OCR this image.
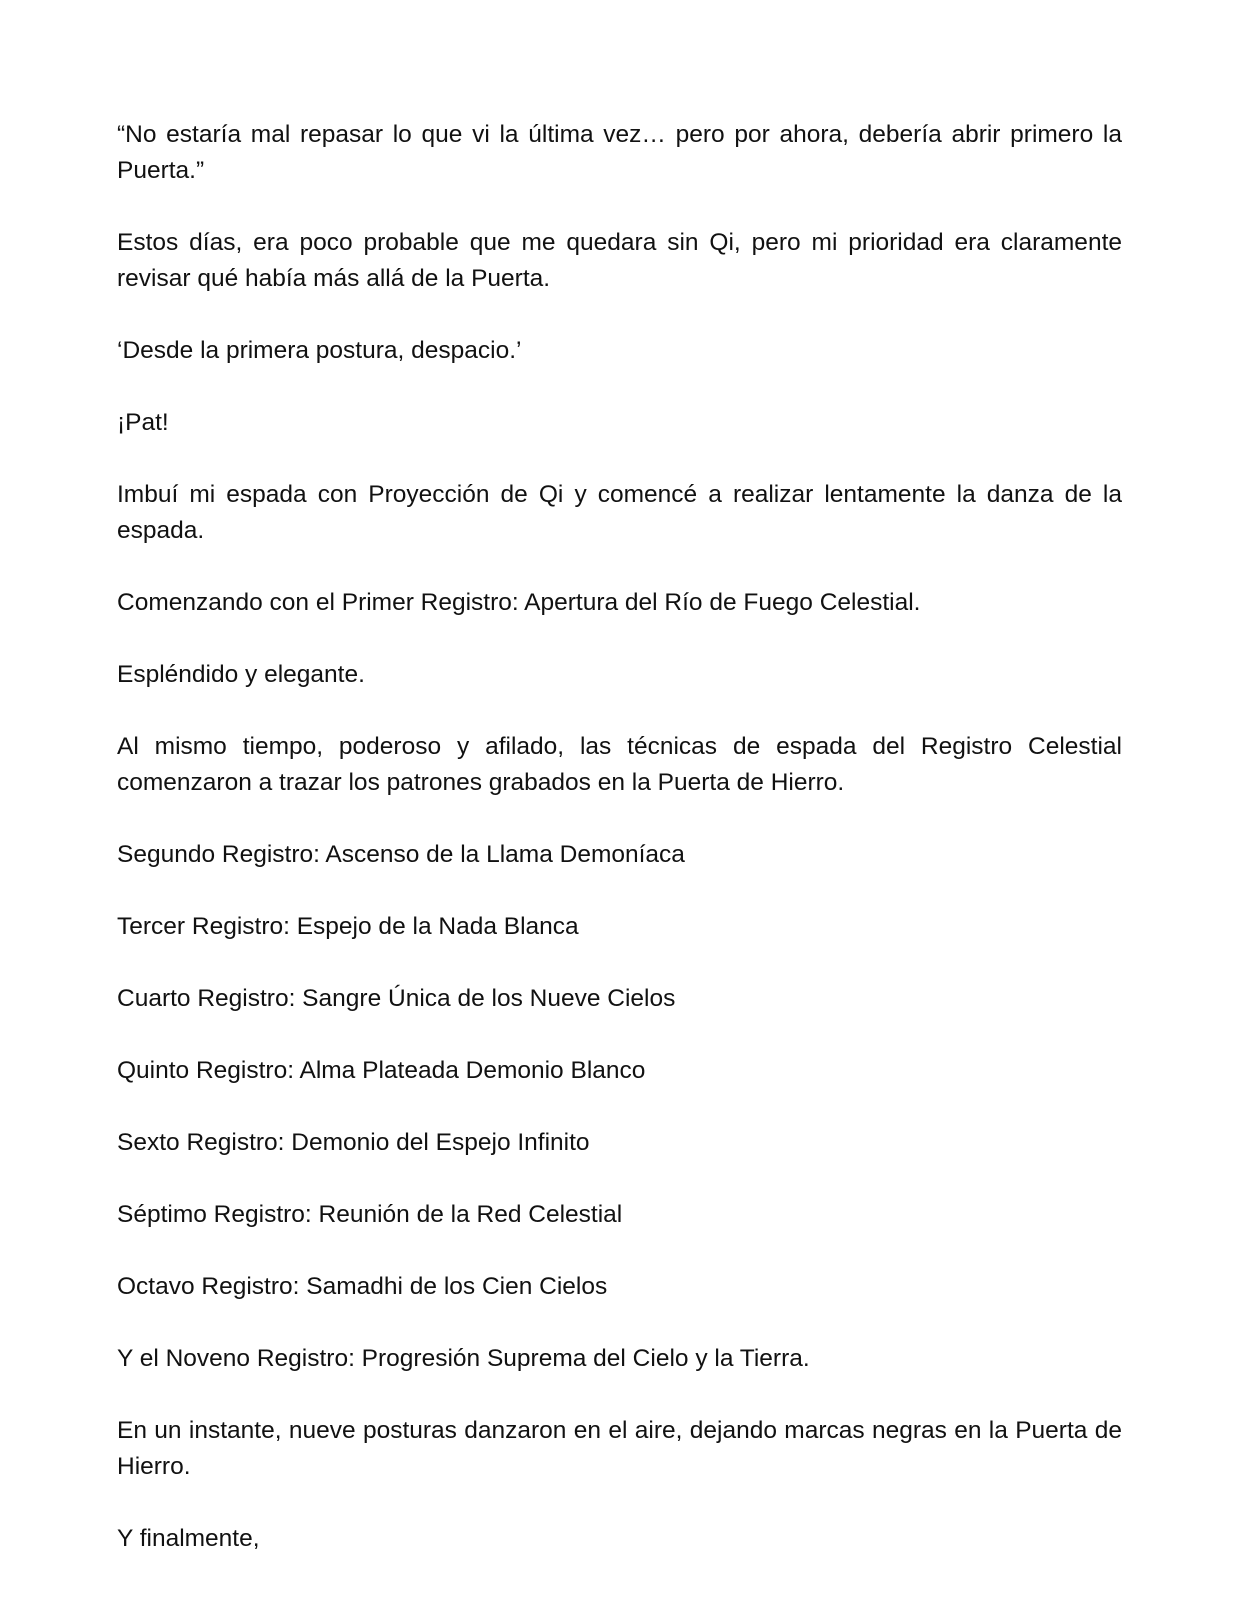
“No estaría mal repasar lo que vi la última vez… pero por ahora, debería abrir primero la Puerta.”

Estos días, era poco probable que me quedara sin Qi, pero mi prioridad era claramente revisar qué había más allá de la Puerta.

‘Desde la primera postura, despacio.’

¡Pat!

Imbuí mi espada con Proyección de Qi y comencé a realizar lentamente la danza de la espada.

Comenzando con el Primer Registro: Apertura del Río de Fuego Celestial.

Espléndido y elegante.

Al mismo tiempo, poderoso y afilado, las técnicas de espada del Registro Celestial comenzaron a trazar los patrones grabados en la Puerta de Hierro.

Segundo Registro: Ascenso de la Llama Demoníaca

Tercer Registro: Espejo de la Nada Blanca

Cuarto Registro: Sangre Única de los Nueve Cielos

Quinto Registro: Alma Plateada Demonio Blanco

Sexto Registro: Demonio del Espejo Infinito

Séptimo Registro: Reunión de la Red Celestial

Octavo Registro: Samadhi de los Cien Cielos

Y el Noveno Registro: Progresión Suprema del Cielo y la Tierra.

En un instante, nueve posturas danzaron en el aire, dejando marcas negras en la Puerta de Hierro.

Y finalmente,
